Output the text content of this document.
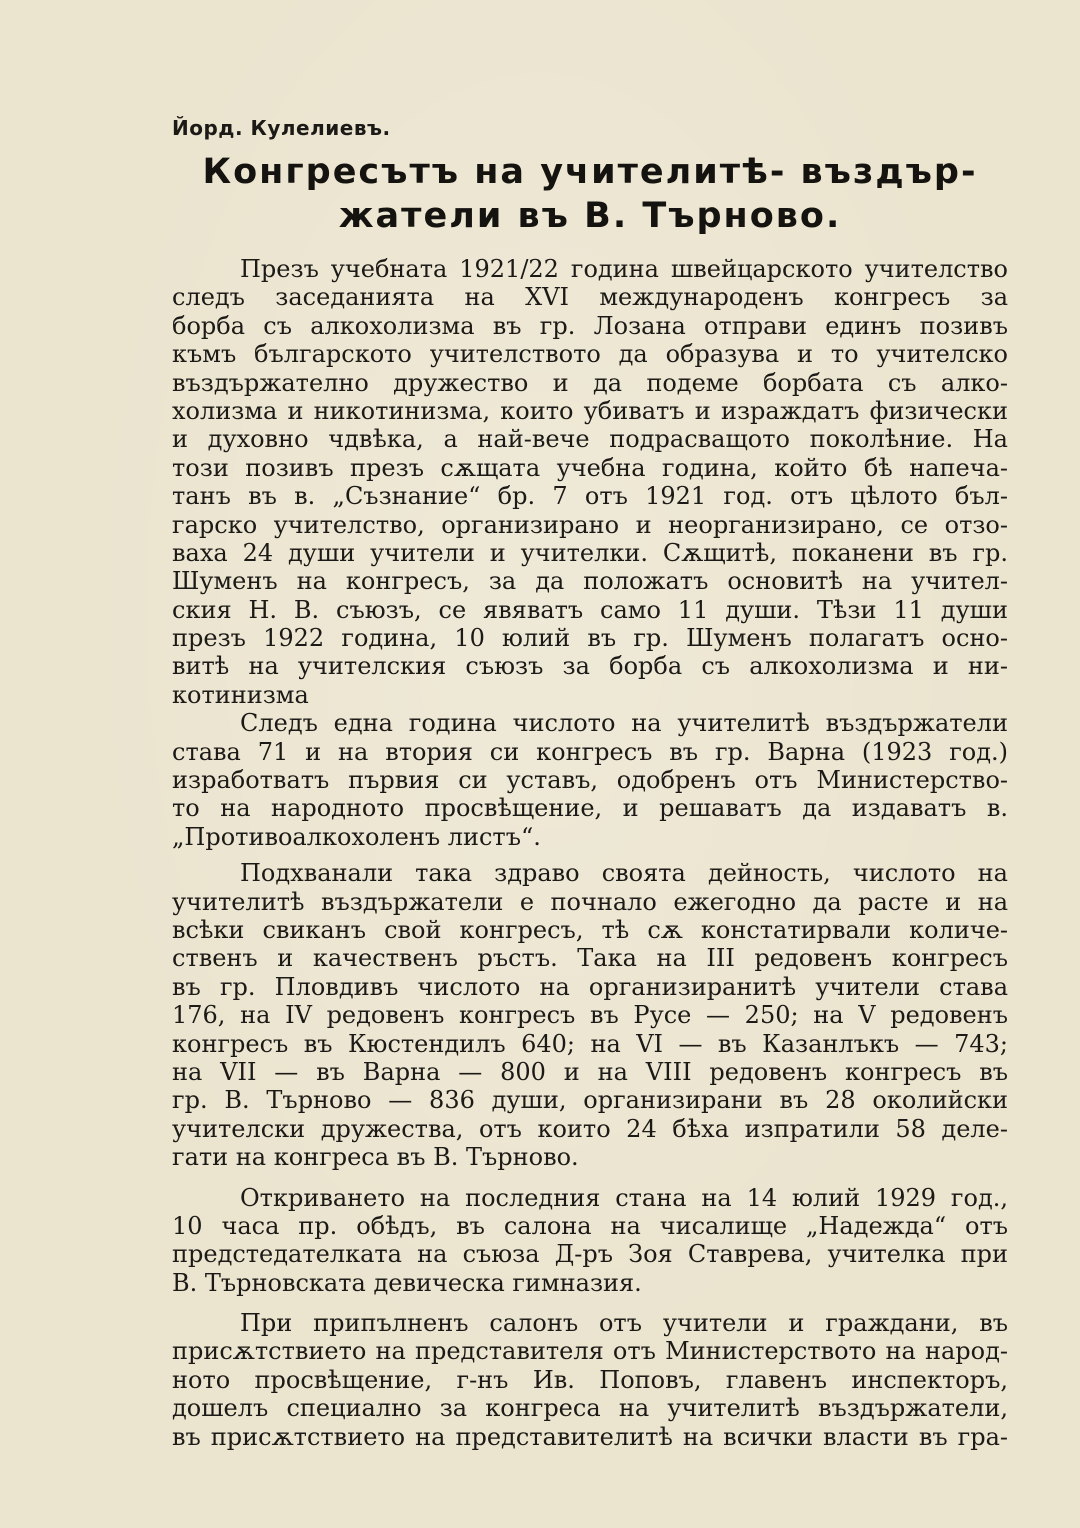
Йорд. Кулелиевъ.
Конгресътъ на учителитѣ- въздър-
жатели въ В. Търново.
Презъ учебната 1921/22 година швейцарското учителство
следъ заседанията на XVI международенъ конгресъ за
борба съ алкохолизма въ гр. Лозана отправи единъ позивъ
къмъ българското учителството да образува и то учителско
въздържателно дружество и да подеме борбата съ алко-
холизма и никотинизма, които убиватъ и израждатъ физически
и духовно чдвѣка, а най-вече подрасващото поколѣние. На
този позивъ презъ сѫщата учебна година, който бѣ напеча-
танъ въ в. „Съзнание“ бр. 7 отъ 1921 год. отъ цѣлото бъл-
гарско учителство, организирано и неорганизирано, се отзо-
ваха 24 души учители и учителки. Сѫщитѣ, поканени въ гр.
Шуменъ на конгресъ, за да положатъ основитѣ на учител-
ския Н. В. съюзъ, се явяватъ само 11 души. Тѣзи 11 души
презъ 1922 година, 10 юлий въ гр. Шуменъ полагатъ осно-
витѣ на учителския съюзъ за борба съ алкохолизма и ни-
котинизма
Следъ една година числото на учителитѣ въздържатели
става 71 и на втория си конгресъ въ гр. Варна (1923 год.)
изработватъ първия си уставъ, одобренъ отъ Министерство-
то на народното просвѣщение, и решаватъ да издаватъ в.
„Противоалкохоленъ листъ“.
Подхванали така здраво своята дейность, числото на
учителитѣ въздържатели е почнало ежегодно да расте и на
всѣки свиканъ свой конгресъ, тѣ сѫ констатирвали количе-
ственъ и качественъ ръстъ. Така на III редовенъ конгресъ
въ гр. Пловдивъ числото на организиранитѣ учители става
176, на IV редовенъ конгресъ въ Русе — 250; на V редовенъ
конгресъ въ Кюстендилъ 640; на VI — въ Казанлъкъ — 743;
на VII — въ Варна — 800 и на VIII редовенъ конгресъ въ
гр. В. Търново — 836 души, организирани въ 28 околийски
учителски дружества, отъ които 24 бѣха изпратили 58 деле-
гати на конгреса въ В. Търново.
Откриването на последния стана на 14 юлий 1929 год.,
10 часа пр. обѣдъ, въ салона на чисалище „Надежда“ отъ
предстедателката на съюза Д-ръ Зоя Ставрева, учителка при
В. Търновската девическа гимназия.
При припълненъ салонъ отъ учители и граждани, въ
присѫтствието на представителя отъ Министерството на народ-
ното просвѣщение, г-нъ Ив. Поповъ, главенъ инспекторъ,
дошелъ специално за конгреса на учителитѣ въздържатели,
въ присѫтствието на представителитѣ на всички власти въ гра-
